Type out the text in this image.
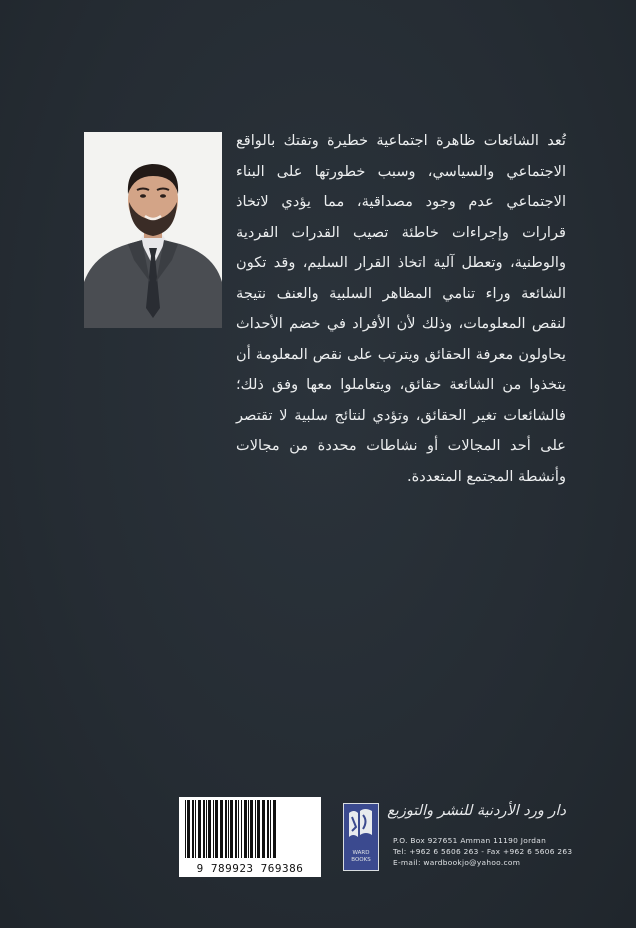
تُعد الشائعات ظاهرة اجتماعية خطيرة وتفتك بالواقع الاجتماعي والسياسي، وسبب خطورتها على البناء الاجتماعي عدم وجود مصداقية، مما يؤدي لاتخاذ قرارات وإجراءات خاطئة تصيب القدرات الفردية والوطنية، وتعطل آلية اتخاذ القرار السليم، وقد تكون الشائعة وراء تنامي المظاهر السلبية والعنف نتيجة لنقص المعلومات، وذلك لأن الأفراد في خضم الأحداث يحاولون معرفة الحقائق ويترتب على نقص المعلومة أن يتخذوا من الشائعة حقائق، ويتعاملوا معها وفق ذلك؛ فالشائعات تغير الحقائق، وتؤدي لنتائج سلبية لا تقتصر على أحد المجالات أو نشاطات محددة من مجالات وأنشطة المجتمع المتعددة.

9 789923 769386
WARD
BOOKS
دار ورد الأردنية للنشر والتوزيع
P.O. Box 927651 Amman 11190 Jordan
Tel: +962 6 5606 263 - Fax +962 6 5606 263
E-mail: wardbookjo@yahoo.com
